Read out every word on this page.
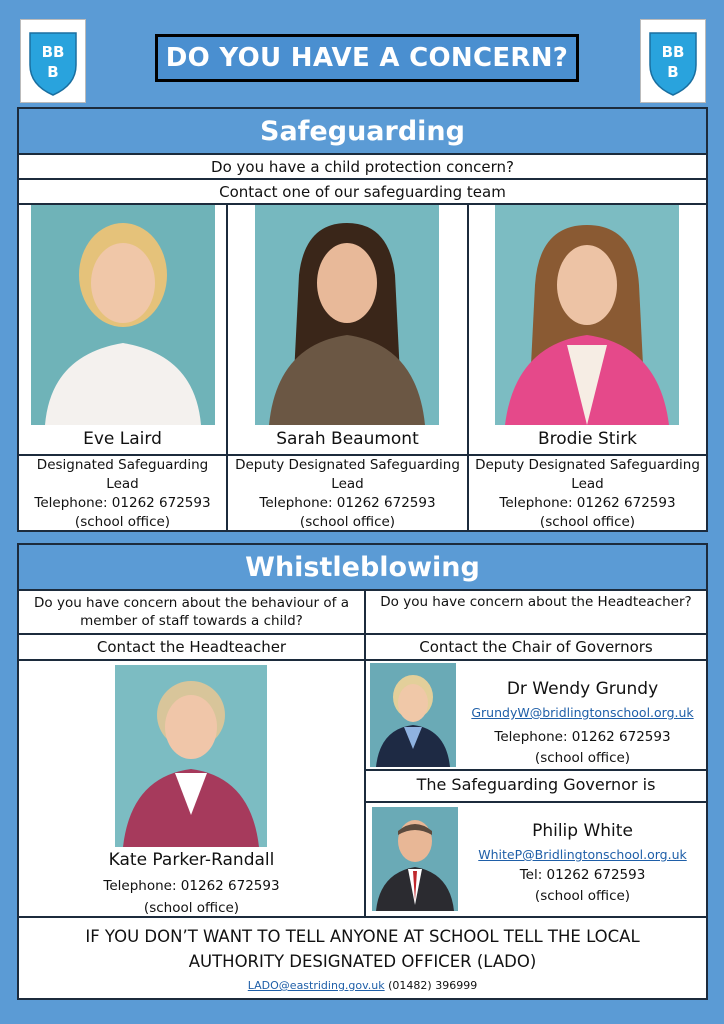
BB
B
BB
B
DO YOU HAVE A CONCERN?
Safeguarding
Do you have a child protection concern?
Contact one of our safeguarding team
Eve Laird
Designated Safeguarding
Lead
Telephone: 01262 672593
(school office)
Sarah Beaumont
Deputy Designated Safeguarding
Lead
Telephone: 01262 672593
(school office)
Brodie Stirk
Deputy Designated Safeguarding
Lead
Telephone: 01262 672593
(school office)
Whistleblowing
Do you have concern about the behaviour of a
member of staff towards a child?
Do you have concern about the Headteacher?
Contact the Headteacher	Contact the Chair of Governors
Kate Parker-Randall
Telephone: 01262 672593
(school office)
Dr Wendy Grundy
GrundyW@bridlingtonschool.org.uk
Telephone: 01262 672593
(school office)
The Safeguarding Governor is
Philip White
WhiteP@Bridlingtonschool.org.uk
Tel: 01262 672593
(school office)
IF YOU DON’T WANT TO TELL ANYONE AT SCHOOL TELL THE LOCAL
AUTHORITY DESIGNATED OFFICER (LADO)
LADO@eastriding.gov.uk (01482) 396999
